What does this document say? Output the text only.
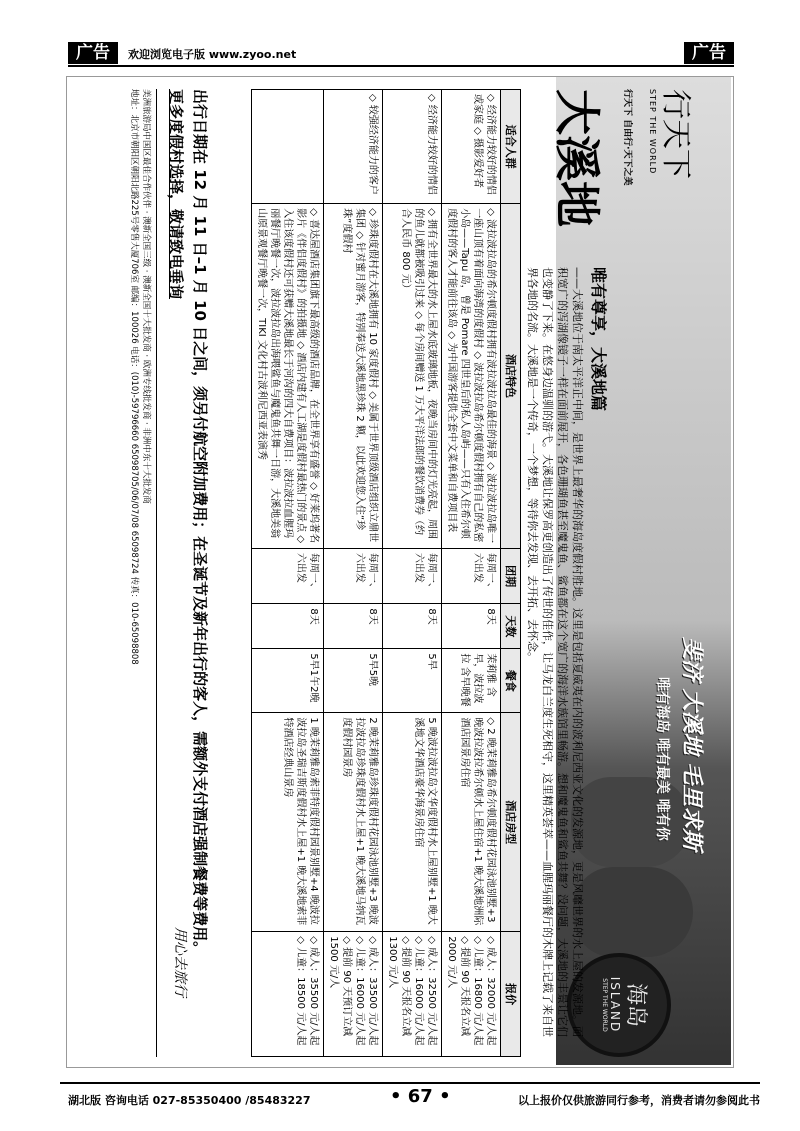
广告	欢迎浏览电子版 www.zyoo.net	广告
行天下
STEP THE WORLD
行天下 自由行·天下之美
斐济 大溪地 毛里求斯
唯有海岛 唯有最美 唯有你
海岛
ISLAND
STEP THE WORLD
大溪地
唯有尊享，大溪地篇
——大溪地位于南太平洋正中间，是世界上最奢华的海岛度假村胜地。这里是包括夏威夷在内的波利尼西亚文化的发源地，更是风靡世界的水上屋的发源地。面积宽广的泻湖像镜子一样在面前展开，各色珊瑚鱼甚至魔鬼鱼、鲨鱼都在这个宽广的海洋水族馆里畅游。想和魔鬼鱼和鲨鱼共舞？没问题，大溪地的丰景让它们也变静了下来。在悠身边温驯的游弋。大溪地让保罗高更创造出了传世的佳作，让马龙白兰度生死相守，这里精英荟萃——血腥玛丽餐厅的木牌上记载了来自世界各地的名流。大溪地是一个传奇，一个梦想，等待你去发现、去开拓、去怀念。
适合人群	酒店特色	团期	天数	餐食	酒店房型	报价
◇ 经济能力较好的情侣或家庭 ◇ 摄影爱好者	◇ 波拉波拉岛的希尔顿度假村拥有波拉波拉岛最佳的海景 ◇ 波拉波拉岛唯一一座山顶有着面向海湾的度假村 ◇ 波拉波拉岛希尔顿度假村拥有自己的私密小岛——Tapu 岛，曾是 Pomare 四世皇后的私人岛屿——只有入住希尔顿度假村的客人才能前往该岛 ◇ 为中国游客提供全套中文菜单和自费项目表	每周一、六出发	8天	茉莉雅 含早，波拉波拉 含早晚餐	◇ 2 晚茉莉雅岛希尔顿度假村花园泳池别墅+3 晚波拉波拉希尔顿水上屋住宿+1 晚大溪地洲际酒店园景房住宿	◇ 成人：32000 元/人起 ◇ 儿童：16800 元/人起 ◇ 提前 90 天报名立减 2000 元/人
◇ 经济能力较好的情侣	◇ 拥有全世界最大的水上屋水底玻璃地板，夜晚当房间中的灯光亮起，周围的鱼儿就都被吸引过来 ◇ 每个房间赠送 1 万大平洋法郎的餐饮消费券（约合人民币 800 元）	每周一、六出发	8天	5早	5 晚波拉波拉岛文华度假村水上屋别墅+1 晚大溪地文华酒店豪华海景房住宿	◇ 成人：32500 元/人起 ◇ 儿童：16000 元/人起 ◇ 提前 90 天报名立减 1300 元/人
◇ 较强经济能力的客户	◇ 珍珠度假村在大溪地拥有 10 家度假村 ◇ 美属于世界顶级酒店组织立鼎世集团 ◇ 针对蜜月游客，特别奉送大溪地黑珍珠 2 颗，以此欢迎您入住“珍珠”度假村	每周一、六出发	8天	5早5晚	2 晚茉莉雅岛珍珠度假村花园泳池别墅+3 晚波拉波拉岛珍珠度假村水上屋+1 晚大溪地马纳瓦度假村园景房	◇ 成人：33500 元/人起 ◇ 儿童：16000 元/人起 ◇ 提前 90 天预订立减 1500 元/人
	◇ 喜达屋酒店集团旗下最高级的酒店品牌，在全世界享有盛誉 ◇ 好莱坞著名影片《伴侣度假村》的拍摄地 ◇ 酒店内建有人工湖是度假村最热门的景点 ◇ 入住该度假村还可获赠大溪地最长于河沟的四大自费项目：波拉波拉血腥玛丽餐厅晚餐一次，波拉波拉岛出海喂鲨鱼与魔鬼鱼共舞一日游，大溪地美翁山原景观餐厅晚餐一次，TIKI 文化村古波利尼西亚表演秀	每周一、六出发	8天	5早1午2晚	1 晚茉莉雅岛索菲特度假村园景别墅+4 晚波拉波拉岛圣瑞吉斯度假村水上屋+1 晚大溪地索菲特酒店经典山景房	◇ 成人：35500 元/人起 ◇ 儿童：18500 元/人起
出行日期在 12 月 11 日–1 月 10 日之间，须另付航空附加费用；在圣诞节及新年出行的客人，需额外支付酒店强制餐费等费用。
更多度假村选择，敬请致电垂询
用心去旅行
美洲旅游局中国区最佳合作伙伴 · 澳新全国三级 · 澳新全国十大批发商 · 欧洲专线批发商 · 非洲中东十大批发商
地址：北京市朝阳区朝阳北路225号零售大厦706室 邮编：100026 电话：(010)-59796660 65098705/06/07/08 65098724 传真：010-65098808
湖北版 咨询电话 027-85350400 /85483227	• 67 •	以上报价仅供旅游同行参考，消费者请勿参阅此书
